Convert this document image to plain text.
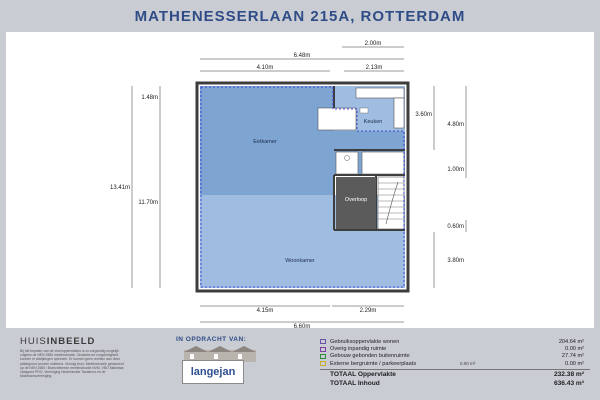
MATHENESSERLAAN 215A, ROTTERDAM
Eetkamer
Keuken
Woonkamer
Overloop
2.00m
6.48m
4.10m	2.13m
13.41m
1.48m
11.70m
3.60m
4.80m
1.00m
0.60m
3.80m
4.15m	2.29m
6.60m
HUISINBEELD
Bij het bepalen van de vloeroppervlaktes is zo zorgvuldig mogelijk volgens de NEN 2580 meetinstructie. Ondanks de zorgvuldigheid kunnen er afwijkingen optreden. Er kunnen geen rechten aan deze plattegrond worden ontleend. Vervolg bron: Meetinstructie gebaseerd op de NEN 2580 / Branchebrede meetinstructie NVM, VBO Makelaar, Vastgoed PRO, Vereniging Nederlandse Taxateurs en de Makelaarsvereniging.
IN OPDRACHT VAN:
langejan
Gebruiksoppervlakte wonen	204.64 m²
Overig inpandig ruimte	0.00 m²
Gebouw gebonden buitenruimte	27.74 m²
Externe bergruimte / parkeerplaats	0.00 m²	0.00 m²
TOTAAL Oppervlakte	232.38 m²
TOTAAL Inhoud	636.43 m³
